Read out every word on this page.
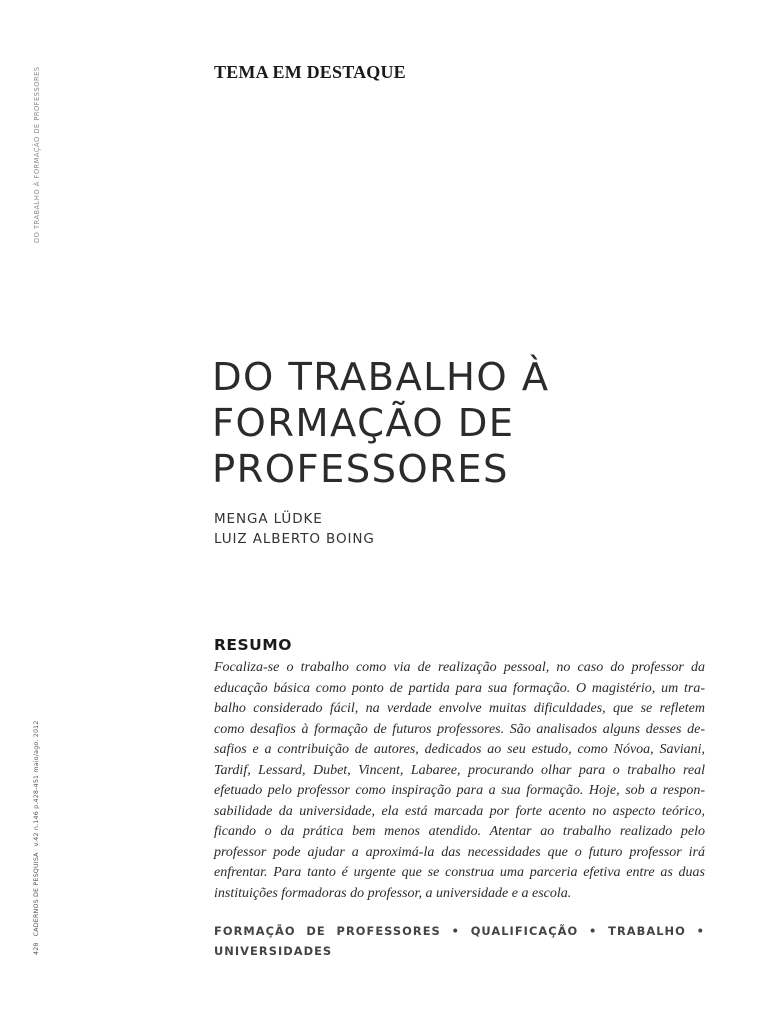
DO TRABALHO À FORMAÇÃO DE PROFESSORES
428CADERNOS DE PESQUISAv.42 n.146 p.428-451 maio/ago. 2012
TEMA EM DESTAQUE
DO TRABALHO À
FORMAÇÃO DE
PROFESSORES
MENGA LÜDKE
LUIZ ALBERTO BOING
RESUMO
Focaliza-se o trabalho como via de realização pessoal, no caso do professor da
educação básica como ponto de partida para sua formação. O magistério, um tra-
balho considerado fácil, na verdade envolve muitas dificuldades, que se refletem
como desafios à formação de futuros professores. São analisados alguns desses de-
safios e a contribuição de autores, dedicados ao seu estudo, como Nóvoa, Saviani,
Tardif, Lessard, Dubet, Vincent, Labaree, procurando olhar para o trabalho real
efetuado pelo professor como inspiração para a sua formação. Hoje, sob a respon-
sabilidade da universidade, ela está marcada por forte acento no aspecto teórico,
ficando o da prática bem menos atendido. Atentar ao trabalho realizado pelo
professor pode ajudar a aproximá-la das necessidades que o futuro professor irá
enfrentar. Para tanto é urgente que se construa uma parceria efetiva entre as duas
instituições formadoras do professor, a universidade e a escola.
FORMAÇÃO DE PROFESSORES • QUALIFICAÇÃO • TRABALHO •
UNIVERSIDADES
